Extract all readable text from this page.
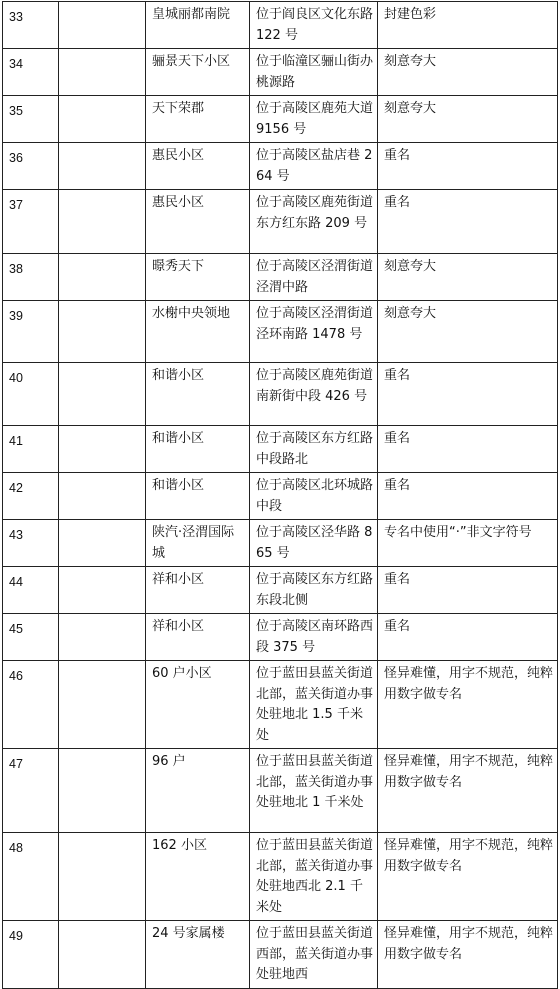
33		皇城丽都南院	位于阎良区文化东路 122 号	封建色彩
34		骊景天下小区	位于临潼区骊山街办桃源路	刻意夸大
35		天下荣郡	位于高陵区鹿苑大道 9156 号	刻意夸大
36		惠民小区	位于高陵区盐店巷 264 号	重名
37		惠民小区	位于高陵区鹿苑街道东方红东路 209 号	重名
38		暻秀天下	位于高陵区泾渭街道泾渭中路	刻意夸大
39		水榭中央领地	位于高陵区泾渭街道泾环南路 1478 号	刻意夸大
40		和谐小区	位于高陵区鹿苑街道南新街中段 426 号	重名
41		和谐小区	位于高陵区东方红路中段路北	重名
42		和谐小区	位于高陵区北环城路中段	重名
43		陕汽·泾渭国际城	位于高陵区泾华路 865 号	专名中使用“·”非文字符号
44		祥和小区	位于高陵区东方红路东段北侧	重名
45		祥和小区	位于高陵区南环路西段 375 号	重名
46		60 户小区	位于蓝田县蓝关街道北部，蓝关街道办事处驻地北 1.5 千米处	怪异难懂，用字不规范，纯粹用数字做专名
47		96 户	位于蓝田县蓝关街道北部，蓝关街道办事处驻地北 1 千米处	怪异难懂，用字不规范，纯粹用数字做专名
48		162 小区	位于蓝田县蓝关街道北部，蓝关街道办事处驻地西北 2.1 千米处	怪异难懂，用字不规范，纯粹用数字做专名
49		24 号家属楼	位于蓝田县蓝关街道西部，蓝关街道办事处驻地西	怪异难懂，用字不规范，纯粹用数字做专名
